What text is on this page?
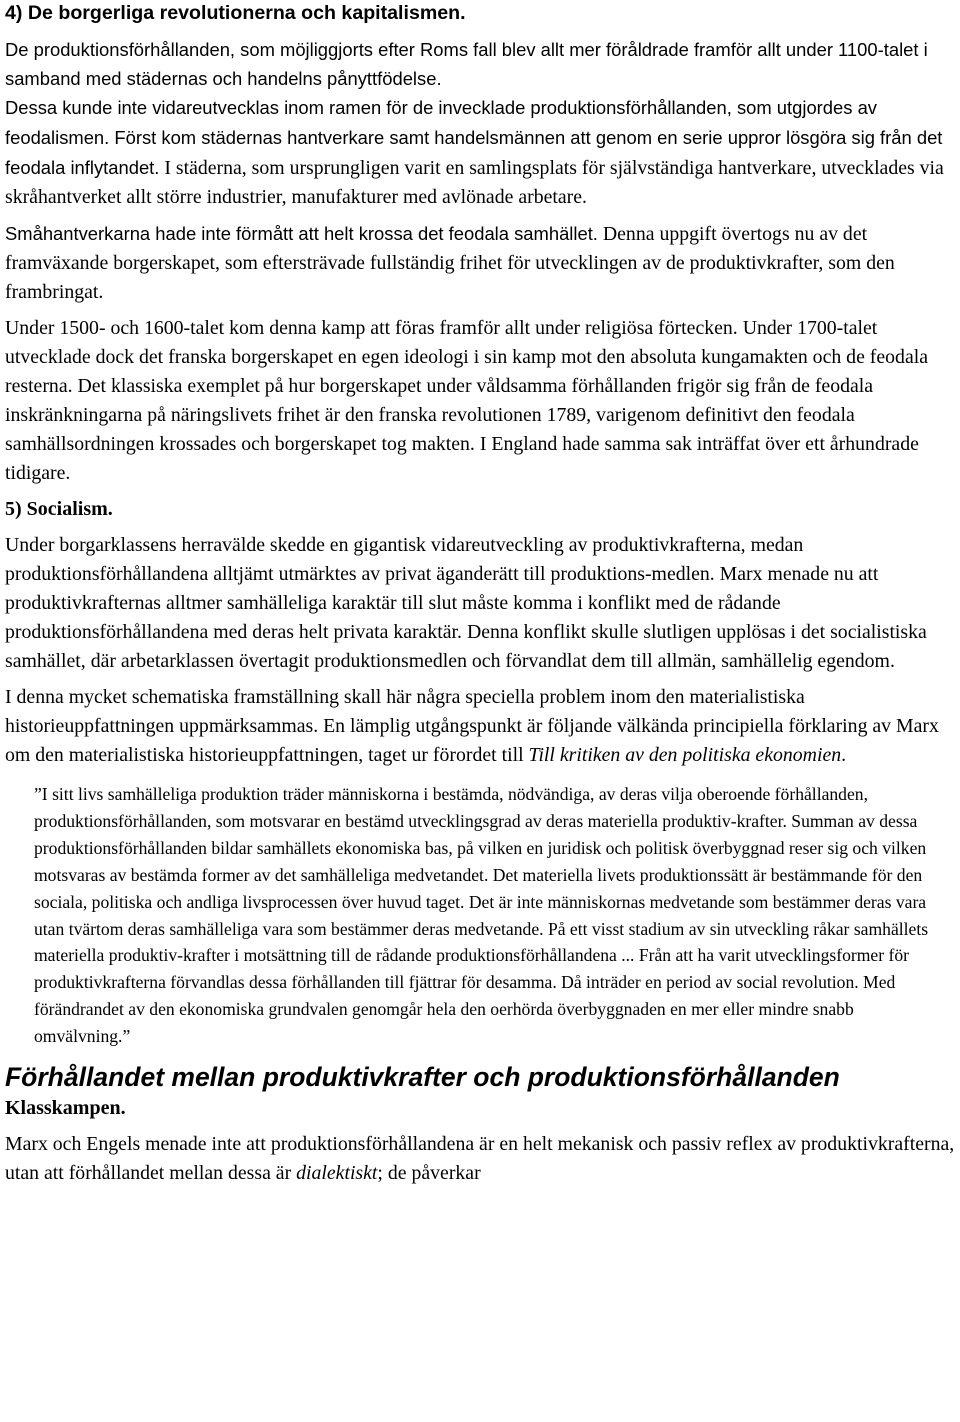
4) De borgerliga revolutionerna och kapitalismen.

De produktionsförhållanden, som möjliggjorts efter Roms fall blev allt mer föråldrade framför allt under 1100-talet i samband med städernas och handelns pånyttfödelse.

Dessa kunde inte vidareutvecklas inom ramen för de invecklade produktionsförhållanden, som utgjordes av feodalismen. Först kom städernas hantverkare samt handelsmännen att genom en serie uppror lösgöra sig från det feodala inflytandet. I städerna, som ursprungligen varit en samlingsplats för självständiga hantverkare, utvecklades via skråhantverket allt större industrier, manufakturer med avlönade arbetare.

Småhantverkarna hade inte förmått att helt krossa det feodala samhället. Denna uppgift övertogs nu av det framväxande borgerskapet, som eftersträvade fullständig frihet för utvecklingen av de produktivkrafter, som den frambringat.

Under 1500- och 1600-talet kom denna kamp att föras framför allt under religiösa förtecken. Under 1700-talet utvecklade dock det franska borgerskapet en egen ideologi i sin kamp mot den absoluta kungamakten och de feodala resterna. Det klassiska exemplet på hur borgerskapet under våldsamma förhållanden frigör sig från de feodala inskränkningarna på näringslivets frihet är den franska revolutionen 1789, varigenom definitivt den feodala samhällsordningen krossades och borgerskapet tog makten. I England hade samma sak inträffat över ett århundrade tidigare.

5) Socialism.

Under borgarklassens herravälde skedde en gigantisk vidareutveckling av produktivkrafterna, medan produktionsförhållandena alltjämt utmärktes av privat äganderätt till produktions-medlen. Marx menade nu att produktivkrafternas alltmer samhälleliga karaktär till slut måste komma i konflikt med de rådande produktionsförhållandena med deras helt privata karaktär. Denna konflikt skulle slutligen upplösas i det socialistiska samhället, där arbetarklassen övertagit produktionsmedlen och förvandlat dem till allmän, samhällelig egendom.

I denna mycket schematiska framställning skall här några speciella problem inom den materialistiska historieuppfattningen uppmärksammas. En lämplig utgångspunkt är följande välkända principiella förklaring av Marx om den materialistiska historieuppfattningen, taget ur förordet till Till kritiken av den politiska ekonomien.

”I sitt livs samhälleliga produktion träder människorna i bestämda, nödvändiga, av deras vilja oberoende förhållanden, produktionsförhållanden, som motsvarar en bestämd utvecklingsgrad av deras materiella produktiv-krafter. Summan av dessa produktionsförhållanden bildar samhällets ekonomiska bas, på vilken en juridisk och politisk överbyggnad reser sig och vilken motsvaras av bestämda former av det samhälleliga medvetandet. Det materiella livets produktionssätt är bestämmande för den sociala, politiska och andliga livsprocessen över huvud taget. Det är inte människornas medvetande som bestämmer deras vara utan tvärtom deras samhälleliga vara som bestämmer deras medvetande. På ett visst stadium av sin utveckling råkar samhällets materiella produktiv-krafter i motsättning till de rådande produktionsförhållandena ... Från att ha varit utvecklingsformer för produktivkrafterna förvandlas dessa förhållanden till fjättrar för desamma. Då inträder en period av social revolution. Med förändrandet av den ekonomiska grundvalen genomgår hela den oerhörda överbyggnaden en mer eller mindre snabb omvälvning.”
Förhållandet mellan produktivkrafter och produktionsförhållanden
Klasskampen.

Marx och Engels menade inte att produktionsförhållandena är en helt mekanisk och passiv reflex av produktivkrafterna, utan att förhållandet mellan dessa är dialektiskt; de påverkar
